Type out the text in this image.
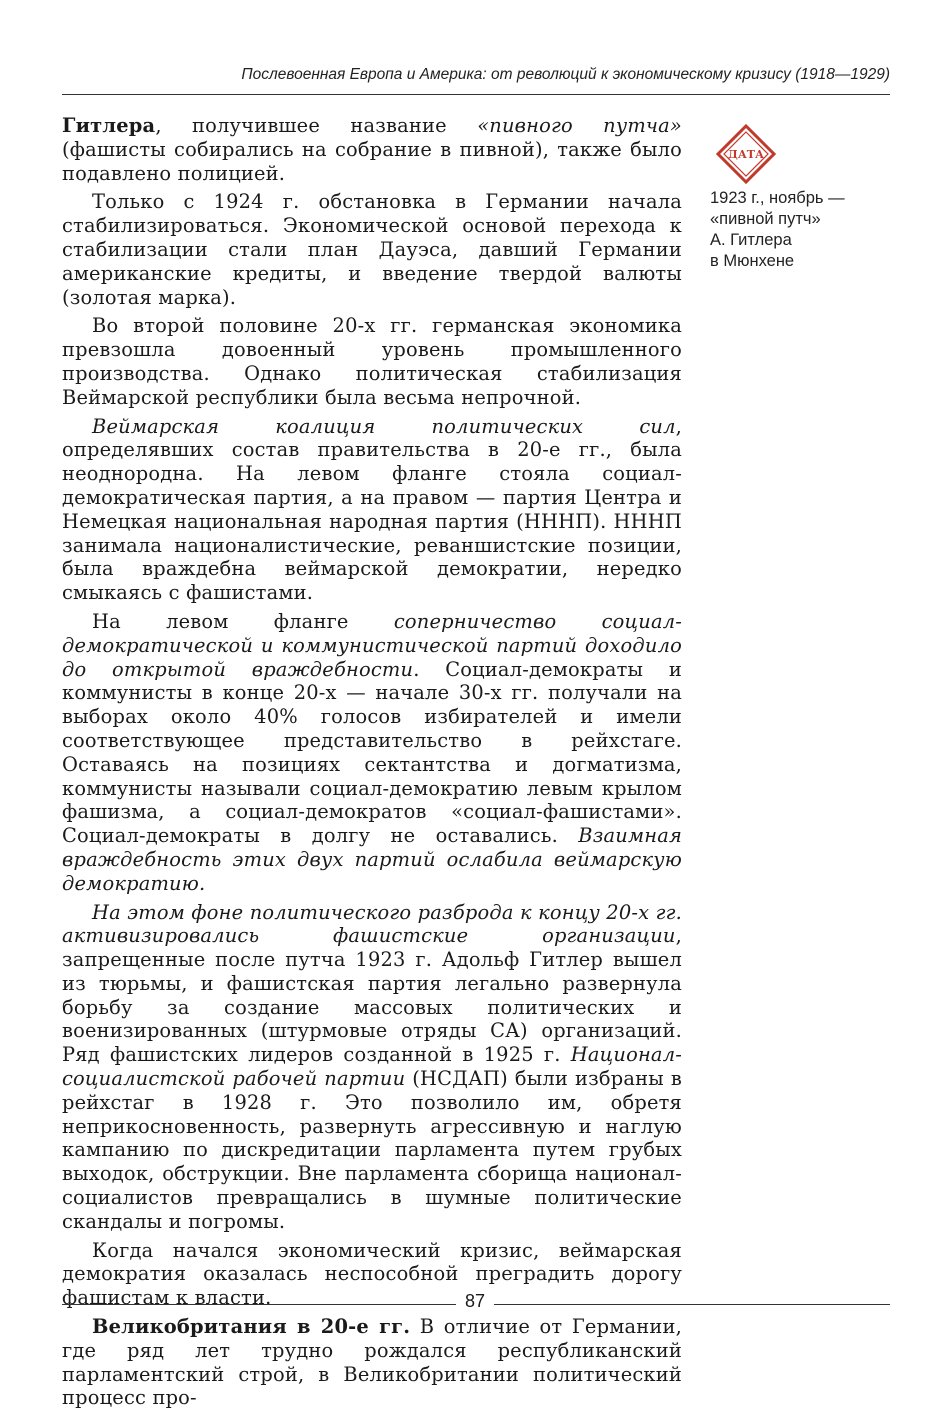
Послевоенная Европа и Америка: от революций к экономическому кризису (1918—1929)

Гитлера, получившее название «пивного путча» (фашисты собирались на собрание в пивной), также было подавлено полицией.

Только с 1924 г. обстановка в Германии начала стабилизироваться. Экономической основой перехода к стабилизации стали план Дауэса, давший Германии американские кредиты, и введение твердой валюты (золотая марка).

Во второй половине 20-х гг. германская экономика превзошла довоенный уровень промышленного производства. Однако политическая стабилизация Веймарской республики была весьма непрочной.

Веймарская коалиция политических сил, определявших состав правительства в 20-е гг., была неоднородна. На левом фланге стояла социал-демократическая партия, а на правом — партия Центра и Немецкая национальная народная партия (НННП). НННП занимала националистические, реваншистские позиции, была враждебна веймарской демократии, нередко смыкаясь с фашистами.

На левом фланге соперничество социал-демократической и коммунистической партий доходило до открытой враждебности. Социал-демократы и коммунисты в конце 20-х — начале 30-х гг. получали на выборах около 40% голосов избирателей и имели соответствующее представительство в рейхстаге. Оставаясь на позициях сектантства и догматизма, коммунисты называли социал-демократию левым крылом фашизма, а социал-демократов «социал-фашистами». Социал-демократы в долгу не оставались. Взаимная враждебность этих двух партий ослабила веймарскую демократию.

На этом фоне политического разброда к концу 20-х гг. активизировались фашистские организации, запрещенные после путча 1923 г. Адольф Гитлер вышел из тюрьмы, и фашистская партия легально развернула борьбу за создание массовых политических и военизированных (штурмовые отряды СА) организаций. Ряд фашистских лидеров созданной в 1925 г. Национал-социалистской рабочей партии (НСДАП) были избраны в рейхстаг в 1928 г. Это позволило им, обретя неприкосновенность, развернуть агрессивную и наглую кампанию по дискредитации парламента путем грубых выходок, обструкции. Вне парламента сборища национал-социалистов превращались в шумные политические скандалы и погромы.

Когда начался экономический кризис, веймарская демократия оказалась неспособной преградить дорогу фашистам к власти.

Великобритания в 20-е гг. В отличие от Германии, где ряд лет трудно рождался республиканский парламентский строй, в Великобритании политический процесс про-

ДАТА
1923 г., ноябрь —
«пивной путч»
А. Гитлера
в Мюнхене
87
